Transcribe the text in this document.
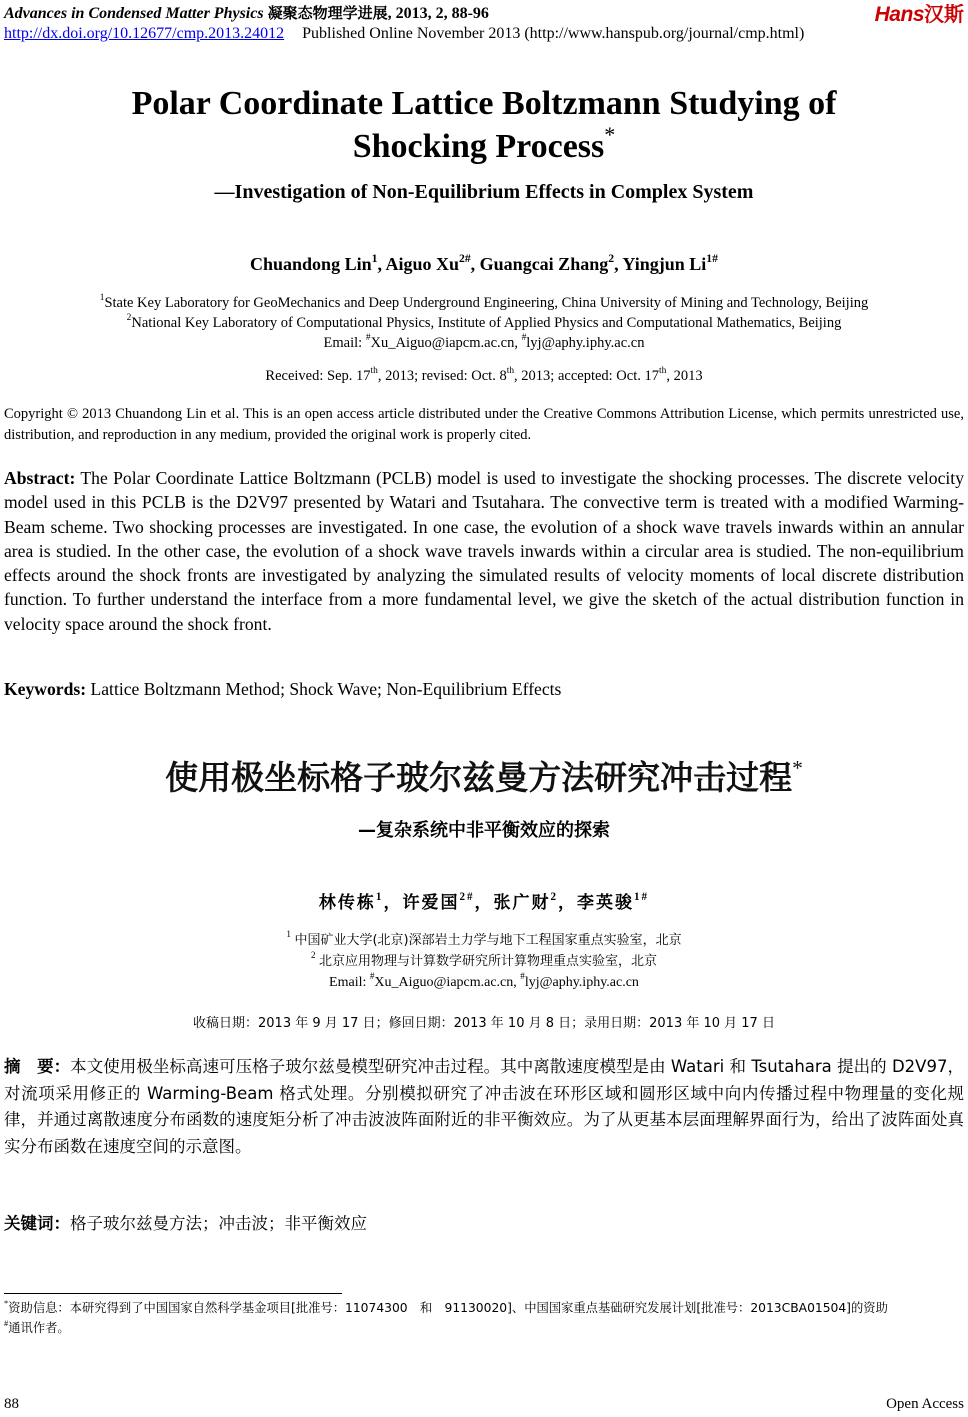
Advances in Condensed Matter Physics 凝聚态物理学进展, 2013, 2, 88-96	Hans汉斯
http://dx.doi.org/10.12677/cmp.2013.24012 Published Online November 2013 (http://www.hanspub.org/journal/cmp.html)
Polar Coordinate Lattice Boltzmann Studying of
Shocking Process*
—Investigation of Non-Equilibrium Effects in Complex System
Chuandong Lin$^1$, Aiguo $Xu^{2\#}$, Guangcai Zhang$^2$, Yingjun $Li^{1\#}$
$^1$State Key Laboratory for GeoMechanics and Deep Underground Engineering, China University of Mining and Technology, Beijing
$^2$National Key Laboratory of Computational Physics, Institute of Applied Physics and Computational Mathematics, Beijing
Email: #Xu_Aiguo@iapcm.ac.cn, #lyj@aphy.iphy.ac.cn
Received: Sep. 17th, 2013; revised: Oct. 8th, 2013; accepted: Oct. 17th, 2013
Copyright © 2013 Chuandong Lin et al. This is an open access article distributed under the Creative Commons Attribution License, which permits unrestricted use, distribution, and reproduction in any medium, provided the original work is properly cited.
Abstract: The Polar Coordinate Lattice Boltzmann (PCLB) model is used to investigate the shocking processes. The discrete velocity model used in this PCLB is the D2V97 presented by Watari and Tsutahara. The convective term is treated with a modified Warming-Beam scheme. Two shocking processes are investigated. In one case, the evolution of a shock wave travels inwards within an annular area is studied. In the other case, the evolution of a shock wave travels inwards within a circular area is studied. The non-equilibrium effects around the shock fronts are investigated by analyzing the simulated results of velocity moments of local discrete distribution function. To further understand the interface from a more fundamental level, we give the sketch of the actual distribution function in velocity space around the shock front.
Keywords: Lattice Boltzmann Method; Shock Wave; Non-Equilibrium Effects
使用极坐标格子玻尔兹曼方法研究冲击过程*
—复杂系统中非平衡效应的探索
林传栋$^1$，许爱国$^{2\#}$，张广财$^2$，李英骏$^{1\#}$
$^1$ 中国矿业大学(北京)深部岩土力学与地下工程国家重点实验室，北京
$^2$ 北京应用物理与计算数学研究所计算物理重点实验室，北京
Email: #Xu_Aiguo@iapcm.ac.cn, #lyj@aphy.iphy.ac.cn
收稿日期：2013 年 9 月 17 日；修回日期：2013 年 10 月 8 日；录用日期：2013 年 10 月 17 日
摘　要：本文使用极坐标高速可压格子玻尔兹曼模型研究冲击过程。其中离散速度模型是由 Watari 和 Tsutahara 提出的 D2V97，对流项采用修正的 Warming-Beam 格式处理。分别模拟研究了冲击波在环形区域和圆形区域中向内传播过程中物理量的变化规律，并通过离散速度分布函数的速度矩分析了冲击波波阵面附近的非平衡效应。为了从更基本层面理解界面行为，给出了波阵面处真实分布函数在速度空间的示意图。
关键词：格子玻尔兹曼方法；冲击波；非平衡效应
*资助信息：本研究得到了中国国家自然科学基金项目[批准号：11074300　和　91130020]、中国国家重点基础研究发展计划[批准号：2013CBA01504]的资助
#通讯作者。
88	Open Access
